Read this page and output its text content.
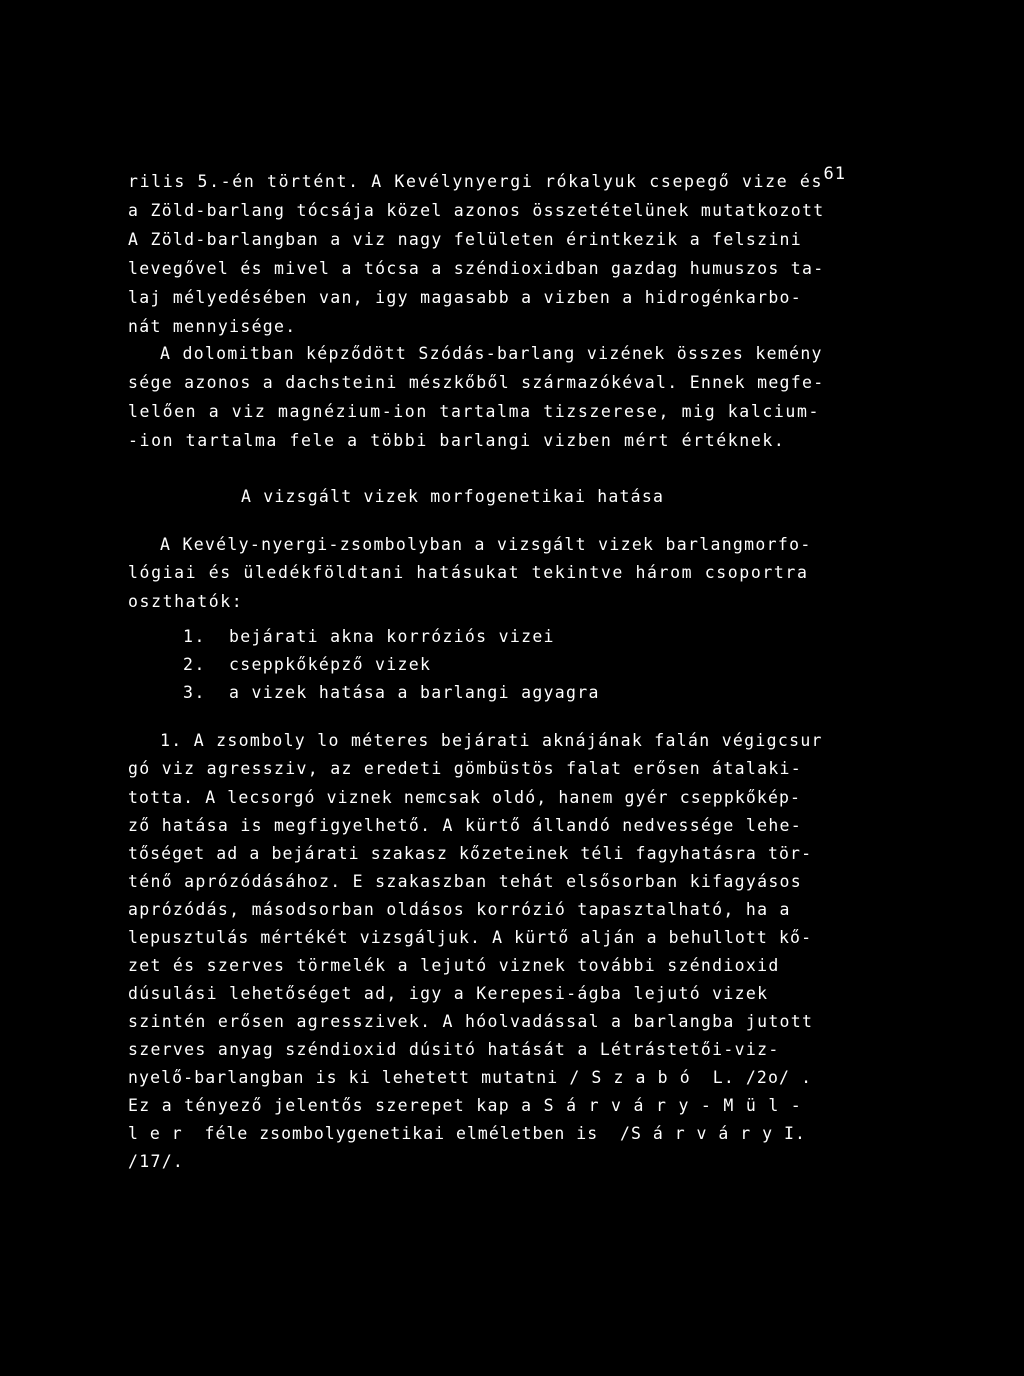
61
rilis 5.-én történt. A Kevélynyergi rókalyuk csepegő vize és
a Zöld-barlang tócsája közel azonos összetételünek mutatkozott
A Zöld-barlangban a viz nagy felületen érintkezik a felszini
levegővel és mivel a tócsa a széndioxidban gazdag humuszos ta-
laj mélyedésében van, igy magasabb a vizben a hidrogénkarbo-
nát mennyisége.
A dolomitban képződött Szódás-barlang vizének összes kemény
sége azonos a dachsteini mészkőből származókéval. Ennek megfe-
lelően a viz magnézium-ion tartalma tizszerese, mig kalcium-
-ion tartalma fele a többi barlangi vizben mért értéknek.
A vizsgált vizek morfogenetikai hatása
A Kevély-nyergi-zsombolyban a vizsgált vizek barlangmorfo-
lógiai és üledékföldtani hatásukat tekintve három csoportra
oszthatók:
1. bejárati akna korróziós vizei
2. cseppkőképző vizek
3. a vizek hatása a barlangi agyagra
1. A zsomboly lo méteres bejárati aknájának falán végigcsur
gó viz agressziv, az eredeti gömbüstös falat erősen átalaki-
totta. A lecsorgó viznek nemcsak oldó, hanem gyér cseppkőkép-
ző hatása is megfigyelhető. A kürtő állandó nedvessége lehe-
tőséget ad a bejárati szakasz kőzeteinek téli fagyhatásra tör-
ténő aprózódásához. E szakaszban tehát elsősorban kifagyásos
aprózódás, másodsorban oldásos korrózió tapasztalható, ha a
lepusztulás mértékét vizsgáljuk. A kürtő alján a behullott kő-
zet és szerves törmelék a lejutó viznek további széndioxid
dúsulási lehetőséget ad, igy a Kerepesi-ágba lejutó vizek
szintén erősen agresszivek. A hóolvadással a barlangba jutott
szerves anyag széndioxid dúsitó hatását a Létrástetői-viz-
nyelő-barlangban is ki lehetett mutatni / S z a b ó  L. /2o/ .
Ez a tényező jelentős szerepet kap a S á r v á r y - M ü l -
l e r  féle zsombolygenetikai elméletben is  /S á r v á r y I.
/17/.
